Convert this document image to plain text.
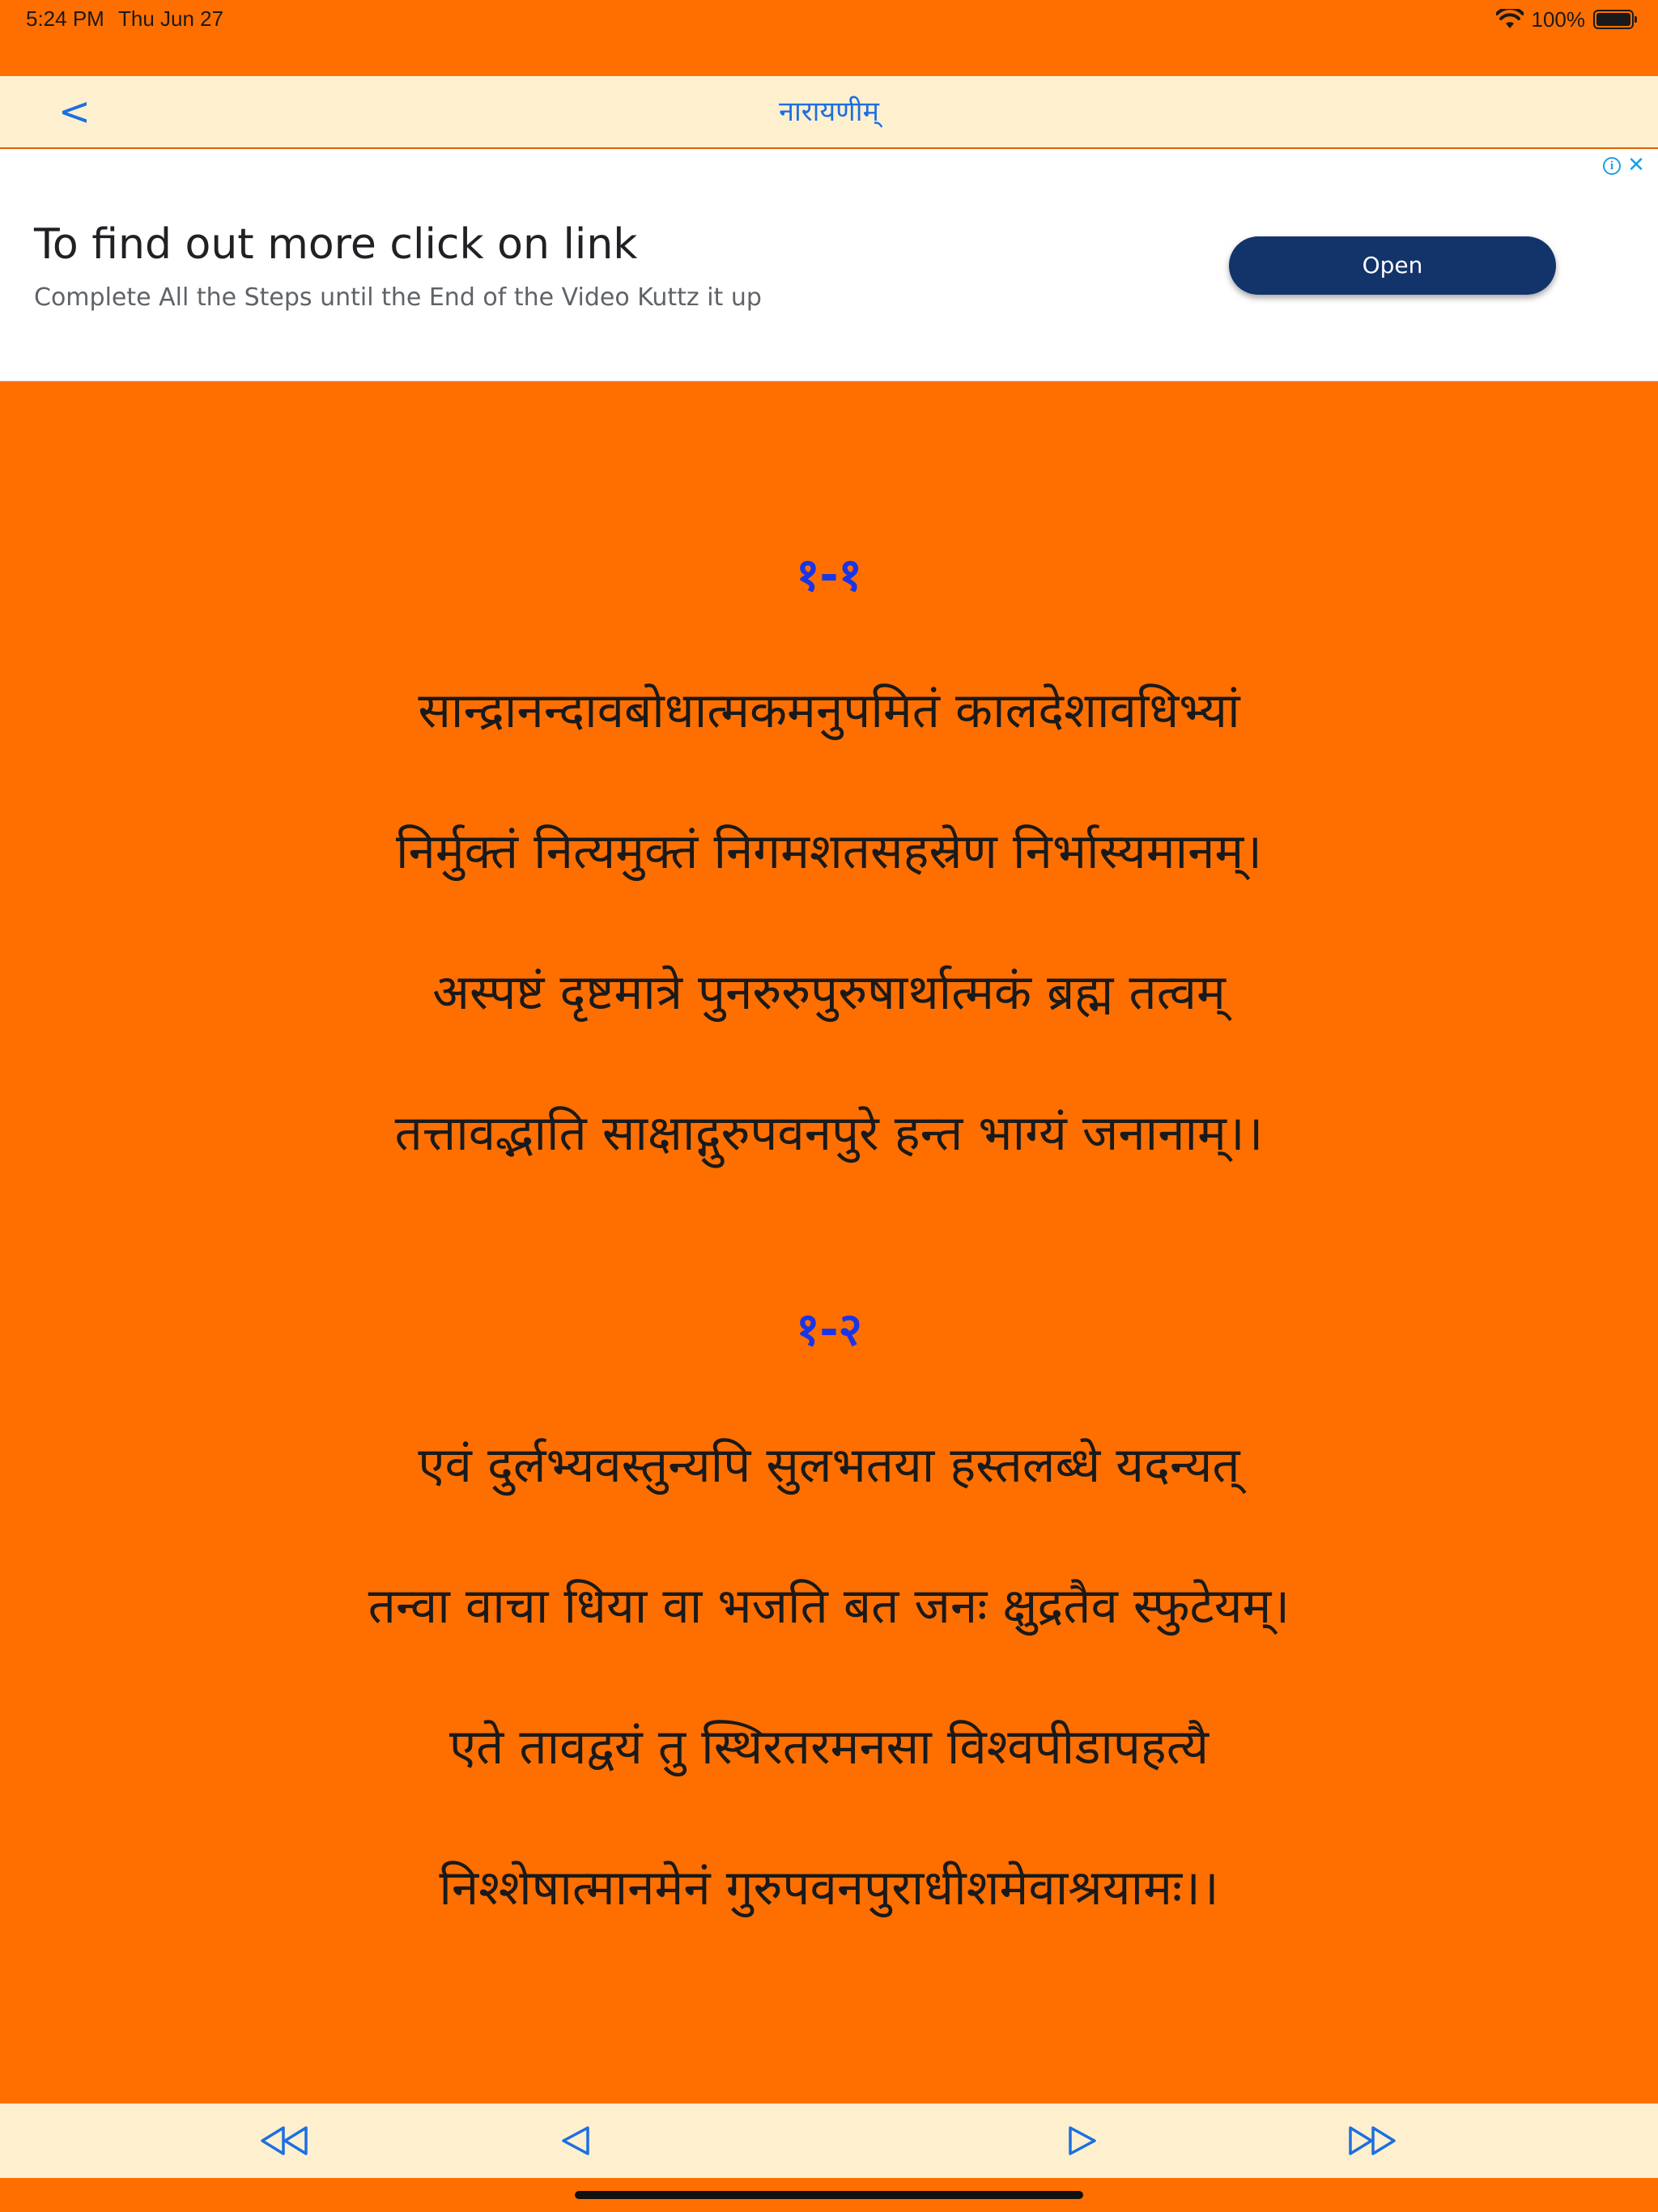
5:24 PM Thu Jun 27	100%
<	नारायणीम्
i ✕
To find out more click on link
Complete All the Steps until the End of the Video Kuttz it up
Open
१-१
सान्द्रानन्दावबोधात्मकमनुपमितं कालदेशावधिभ्यां
निर्मुक्तं नित्यमुक्तं निगमशतसहस्रेण निर्भास्यमानम्।
अस्पष्टं दृष्टमात्रे पुनरुरुपुरुषार्थात्मकं ब्रह्म तत्वम्
तत्तावद्भाति साक्षाद्गुरुपवनपुरे हन्त भाग्यं जनानाम्।।
१-२
एवं दुर्लभ्यवस्तुन्यपि सुलभतया हस्तलब्धे यदन्यत्
तन्वा वाचा धिया वा भजति बत जनः क्षुद्रतैव स्फुटेयम्।
एते तावद्वयं तु स्थिरतरमनसा विश्वपीडापहत्यै
निश्शेषात्मानमेनं गुरुपवनपुराधीशमेवाश्रयामः।।
